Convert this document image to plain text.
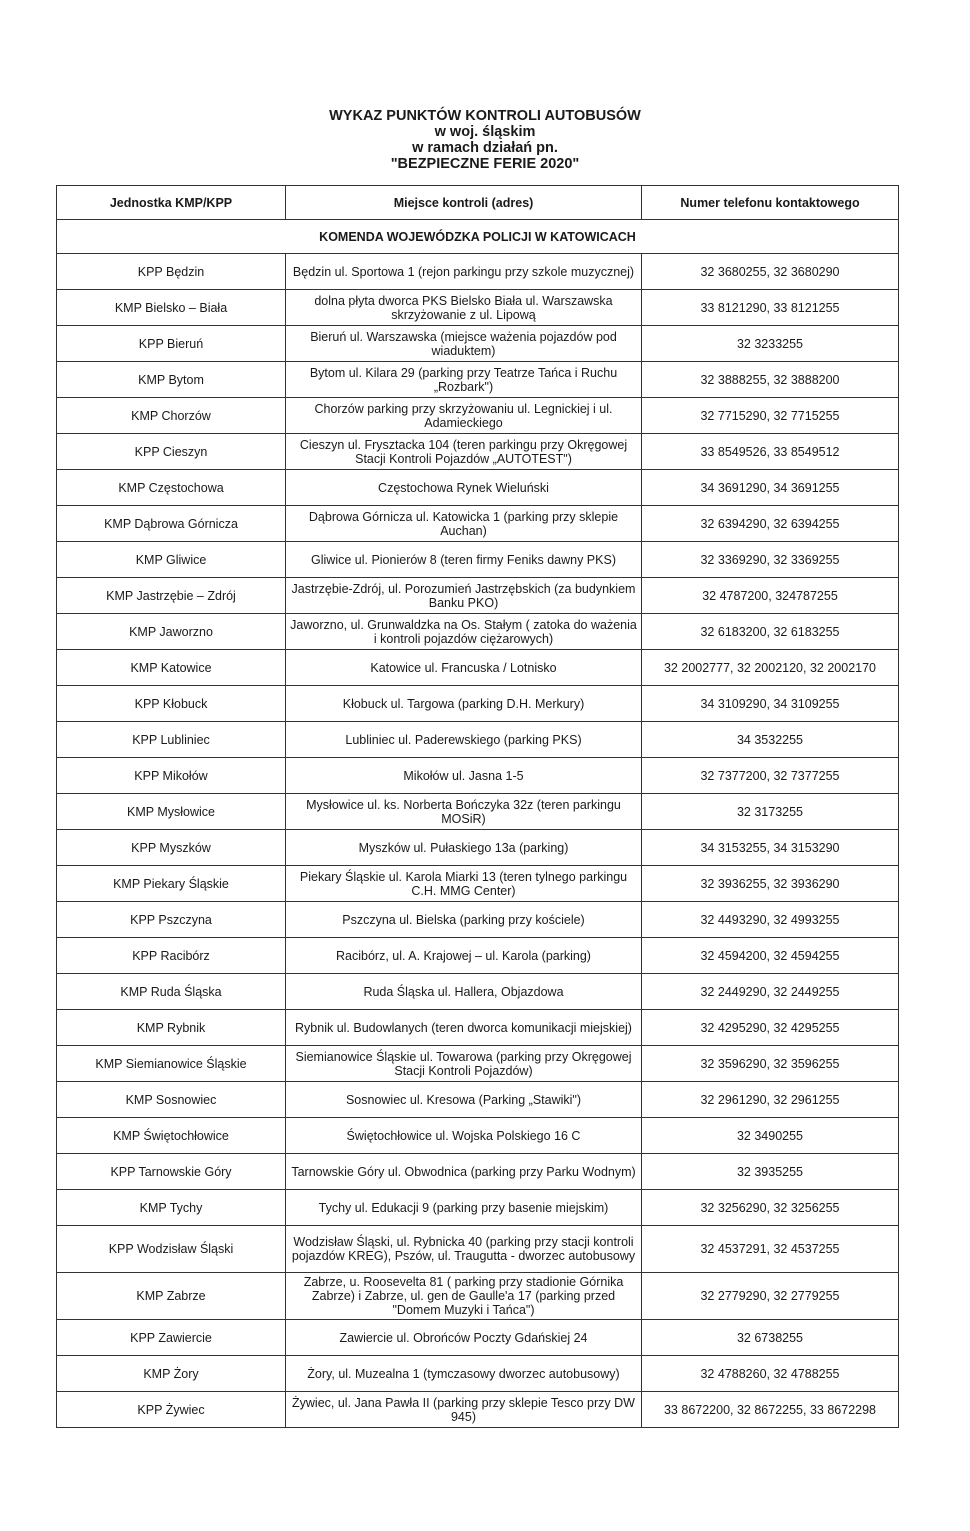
WYKAZ PUNKTÓW KONTROLI AUTOBUSÓW
w woj. śląskim
w ramach działań pn.
"BEZPIECZNE FERIE 2020"
Jednostka KMP/KPP	Miejsce kontroli (adres)	Numer telefonu kontaktowego
KOMENDA WOJEWÓDZKA POLICJI W KATOWICACH		
KPP Będzin	Będzin ul. Sportowa 1 (rejon parkingu przy szkole muzycznej)	32 3680255, 32 3680290
KMP Bielsko – Biała	dolna płyta dworca PKS Bielsko Biała ul. Warszawska skrzyżowanie z ul. Lipową	33 8121290, 33 8121255
KPP Bieruń	Bieruń ul. Warszawska (miejsce ważenia pojazdów pod wiaduktem)	32 3233255
KMP Bytom	Bytom ul. Kilara 29 (parking przy Teatrze Tańca i Ruchu „Rozbark")	32 3888255, 32 3888200
KMP Chorzów	Chorzów parking przy skrzyżowaniu ul. Legnickiej i ul. Adamieckiego	32 7715290, 32 7715255
KPP Cieszyn	Cieszyn ul. Frysztacka 104 (teren parkingu przy Okręgowej Stacji Kontroli Pojazdów „AUTOTEST")	33 8549526, 33 8549512
KMP Częstochowa	Częstochowa Rynek Wieluński	34 3691290, 34 3691255
KMP Dąbrowa Górnicza	Dąbrowa Górnicza ul. Katowicka 1 (parking przy sklepie Auchan)	32 6394290, 32 6394255
KMP Gliwice	Gliwice ul. Pionierów 8 (teren firmy Feniks dawny PKS)	32 3369290, 32 3369255
KMP Jastrzębie – Zdrój	Jastrzębie-Zdrój, ul. Porozumień Jastrzębskich (za budynkiem Banku PKO)	32 4787200, 324787255
KMP Jaworzno	Jaworzno, ul. Grunwaldzka na Os. Stałym ( zatoka do ważenia i kontroli pojazdów ciężarowych)	32 6183200, 32 6183255
KMP Katowice	Katowice ul. Francuska / Lotnisko	32 2002777, 32 2002120, 32 2002170
KPP Kłobuck	Kłobuck ul. Targowa (parking D.H. Merkury)	34 3109290, 34 3109255
KPP Lubliniec	Lubliniec ul. Paderewskiego (parking PKS)	34 3532255
KPP Mikołów	Mikołów ul. Jasna 1-5	32 7377200, 32 7377255
KMP Mysłowice	Mysłowice ul. ks. Norberta Bończyka 32z (teren parkingu MOSiR)	32 3173255
KPP Myszków	Myszków ul. Pułaskiego 13a (parking)	34 3153255, 34 3153290
KMP Piekary Śląskie	Piekary Śląskie ul. Karola Miarki 13 (teren tylnego parkingu C.H. MMG Center)	32 3936255, 32 3936290
KPP Pszczyna	Pszczyna ul. Bielska (parking przy kościele)	32 4493290, 32 4993255
KPP Racibórz	Racibórz, ul. A. Krajowej – ul. Karola (parking)	32 4594200, 32 4594255
KMP Ruda Śląska	Ruda Śląska ul. Hallera, Objazdowa	32 2449290, 32 2449255
KMP Rybnik	Rybnik ul. Budowlanych (teren dworca komunikacji miejskiej)	32 4295290, 32 4295255
KMP Siemianowice Śląskie	Siemianowice Śląskie ul. Towarowa (parking przy Okręgowej Stacji Kontroli Pojazdów)	32 3596290, 32 3596255
KMP Sosnowiec	Sosnowiec ul. Kresowa (Parking „Stawiki")	32 2961290, 32 2961255
KMP Świętochłowice	Świętochłowice ul. Wojska Polskiego 16 C	32 3490255
KPP Tarnowskie Góry	Tarnowskie Góry ul. Obwodnica (parking przy Parku Wodnym)	32 3935255
KMP Tychy	Tychy ul. Edukacji 9 (parking przy basenie miejskim)	32 3256290, 32 3256255
KPP Wodzisław Śląski	Wodzisław Śląski, ul. Rybnicka 40 (parking przy stacji kontroli pojazdów KREG), Pszów, ul. Traugutta - dworzec autobusowy	32 4537291, 32 4537255
KMP Zabrze	Zabrze, u. Roosevelta 81 ( parking przy stadionie Górnika Zabrze) i Zabrze, ul. gen de Gaulle'a 17 (parking przed "Domem Muzyki i Tańca")	32 2779290, 32 2779255
KPP Zawiercie	Zawiercie ul. Obrońców Poczty Gdańskiej 24	32 6738255
KMP Żory	Żory, ul. Muzealna 1 (tymczasowy dworzec autobusowy)	32 4788260, 32 4788255
KPP Żywiec	Żywiec, ul. Jana Pawła II (parking przy sklepie Tesco przy DW 945)	33 8672200, 32 8672255, 33 8672298
